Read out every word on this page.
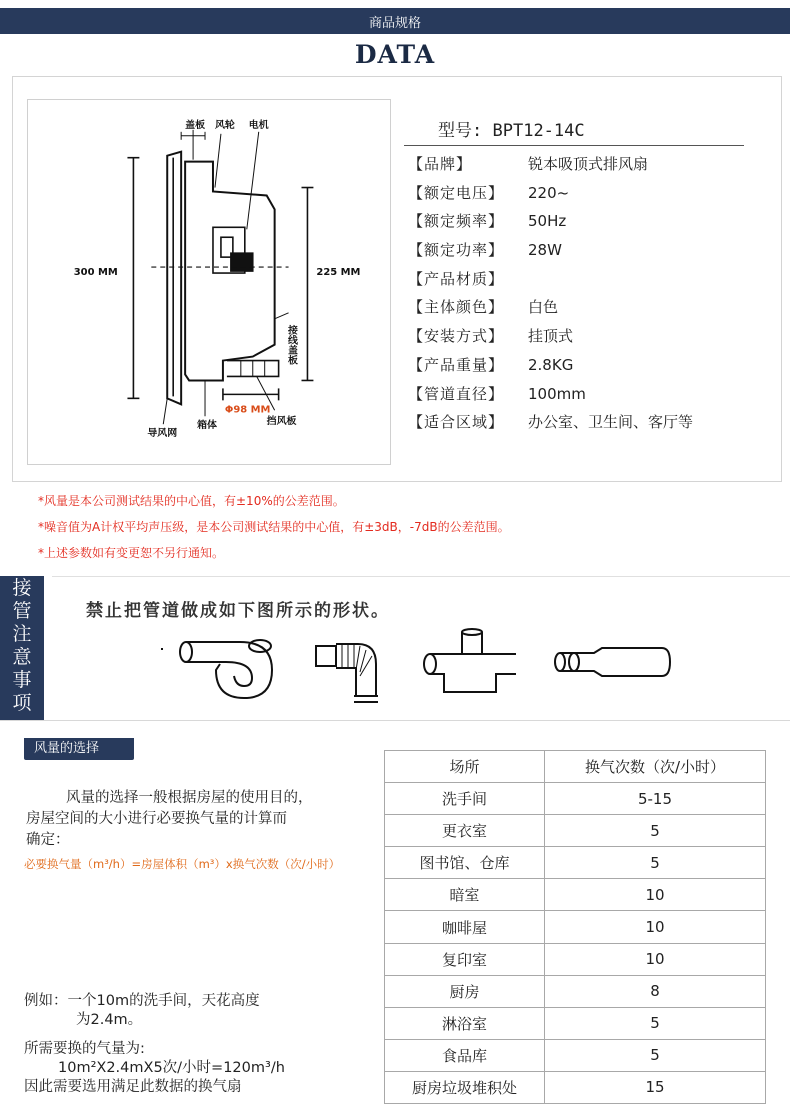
商品规格
DATA
盖板 风轮 电机
300 MM	225 MM
接线盖板
Φ98 MM
导风网
箱体	挡风板
型号: BPT12-14C
【品牌】	锐本吸顶式排风扇
【额定电压】	220~
【额定频率】	50Hz
【额定功率】	28W
【产品材质】
【主体颜色】	白色
【安装方式】	挂顶式
【产品重量】	2.8KG
【管道直径】	100mm
【适合区域】	办公室、卫生间、客厅等
*风量是本公司测试结果的中心值，有±10%的公差范围。
*噪音值为A计权平均声压级，是本公司测试结果的中心值，有±3dB，-7dB的公差范围。
*上述参数如有变更恕不另行通知。
接
管
注
意
事
项
禁止把管道做成如下图所示的形状。
风量的选择
风量的选择一般根据房屋的使用目的，
房屋空间的大小进行必要换气量的计算而
确定：
必要换气量（m³/h）=房屋体积（m³）x换气次数（次/小时）
例如：一个10m的洗手间，天花高度
为2.4m。
所需要换的气量为:
10m²X2.4mX5次/小时=120m³/h
因此需要选用满足此数据的换气扇
场所	换气次数（次/小时）
洗手间	5-15
更衣室	5
图书馆、仓库	5
暗室	10
咖啡屋	10
复印室	10
厨房	8
淋浴室	5
食品库	5
厨房垃圾堆积处	15
